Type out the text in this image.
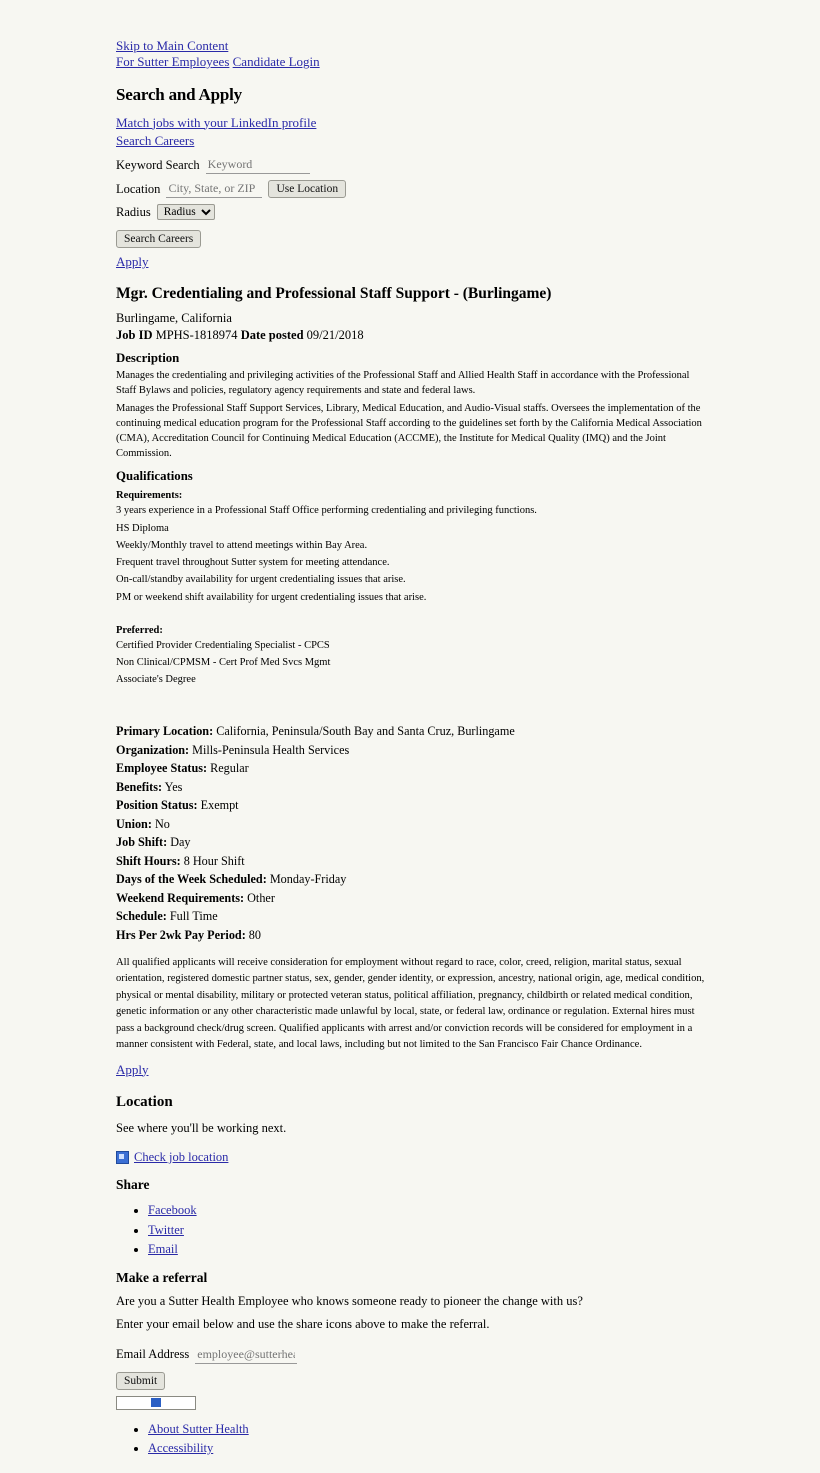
Skip to Main Content
For Sutter Employees Candidate Login
Search and Apply
Match jobs with your LinkedIn profile
Search Careers
Keyword Search
Keyword
Location
City, State, or ZIP	Use Location
Radius
Radius
Search Careers
Apply
Mgr. Credentialing and Professional Staff Support - (Burlingame)
Burlingame, California
Job ID MPHS-1818974 Date posted 09/21/2018
Description
Manages the credentialing and privileging activities of the Professional Staff and Allied Health Staff in accordance with the Professional Staff Bylaws and policies, regulatory agency requirements and state and federal laws.
Manages the Professional Staff Support Services, Library, Medical Education, and Audio-Visual staffs. Oversees the implementation of the continuing medical education program for the Professional Staff according to the guidelines set forth by the California Medical Association (CMA), Accreditation Council for Continuing Medical Education (ACCME), the Institute for Medical Quality (IMQ) and the Joint Commission.
Qualifications
Requirements:
3 years experience in a Professional Staff Office performing credentialing and privileging functions.
HS Diploma
Weekly/Monthly travel to attend meetings within Bay Area.
Frequent travel throughout Sutter system for meeting attendance.
On-call/standby availability for urgent credentialing issues that arise.
PM or weekend shift availability for urgent credentialing issues that arise.
Preferred:
Certified Provider Credentialing Specialist - CPCS
Non Clinical/CPMSM - Cert Prof Med Svcs Mgmt
Associate's Degree
Primary Location: California, Peninsula/South Bay and Santa Cruz, Burlingame
Organization: Mills-Peninsula Health Services
Employee Status: Regular
Benefits: Yes
Position Status: Exempt
Union: No
Job Shift: Day
Shift Hours: 8 Hour Shift
Days of the Week Scheduled: Monday-Friday
Weekend Requirements: Other
Schedule: Full Time
Hrs Per 2wk Pay Period: 80
All qualified applicants will receive consideration for employment without regard to race, color, creed, religion, marital status, sexual orientation, registered domestic partner status, sex, gender, gender identity, or expression, ancestry, national origin, age, medical condition, physical or mental disability, military or protected veteran status, political affiliation, pregnancy, childbirth or related medical condition, genetic information or any other characteristic made unlawful by local, state, or federal law, ordinance or regulation. External hires must pass a background check/drug screen. Qualified applicants with arrest and/or conviction records will be considered for employment in a manner consistent with Federal, state, and local laws, including but not limited to the San Francisco Fair Chance Ordinance.
Apply
Location
See where you'll be working next.
Check job location
Share
• Facebook
• Twitter
• Email
Make a referral
Are you a Sutter Health Employee who knows someone ready to pioneer the change with us?
Enter your email below and use the share icons above to make the referral.
Email Address
employee@sutterhealth
Submit
• About Sutter Health
• Accessibility
